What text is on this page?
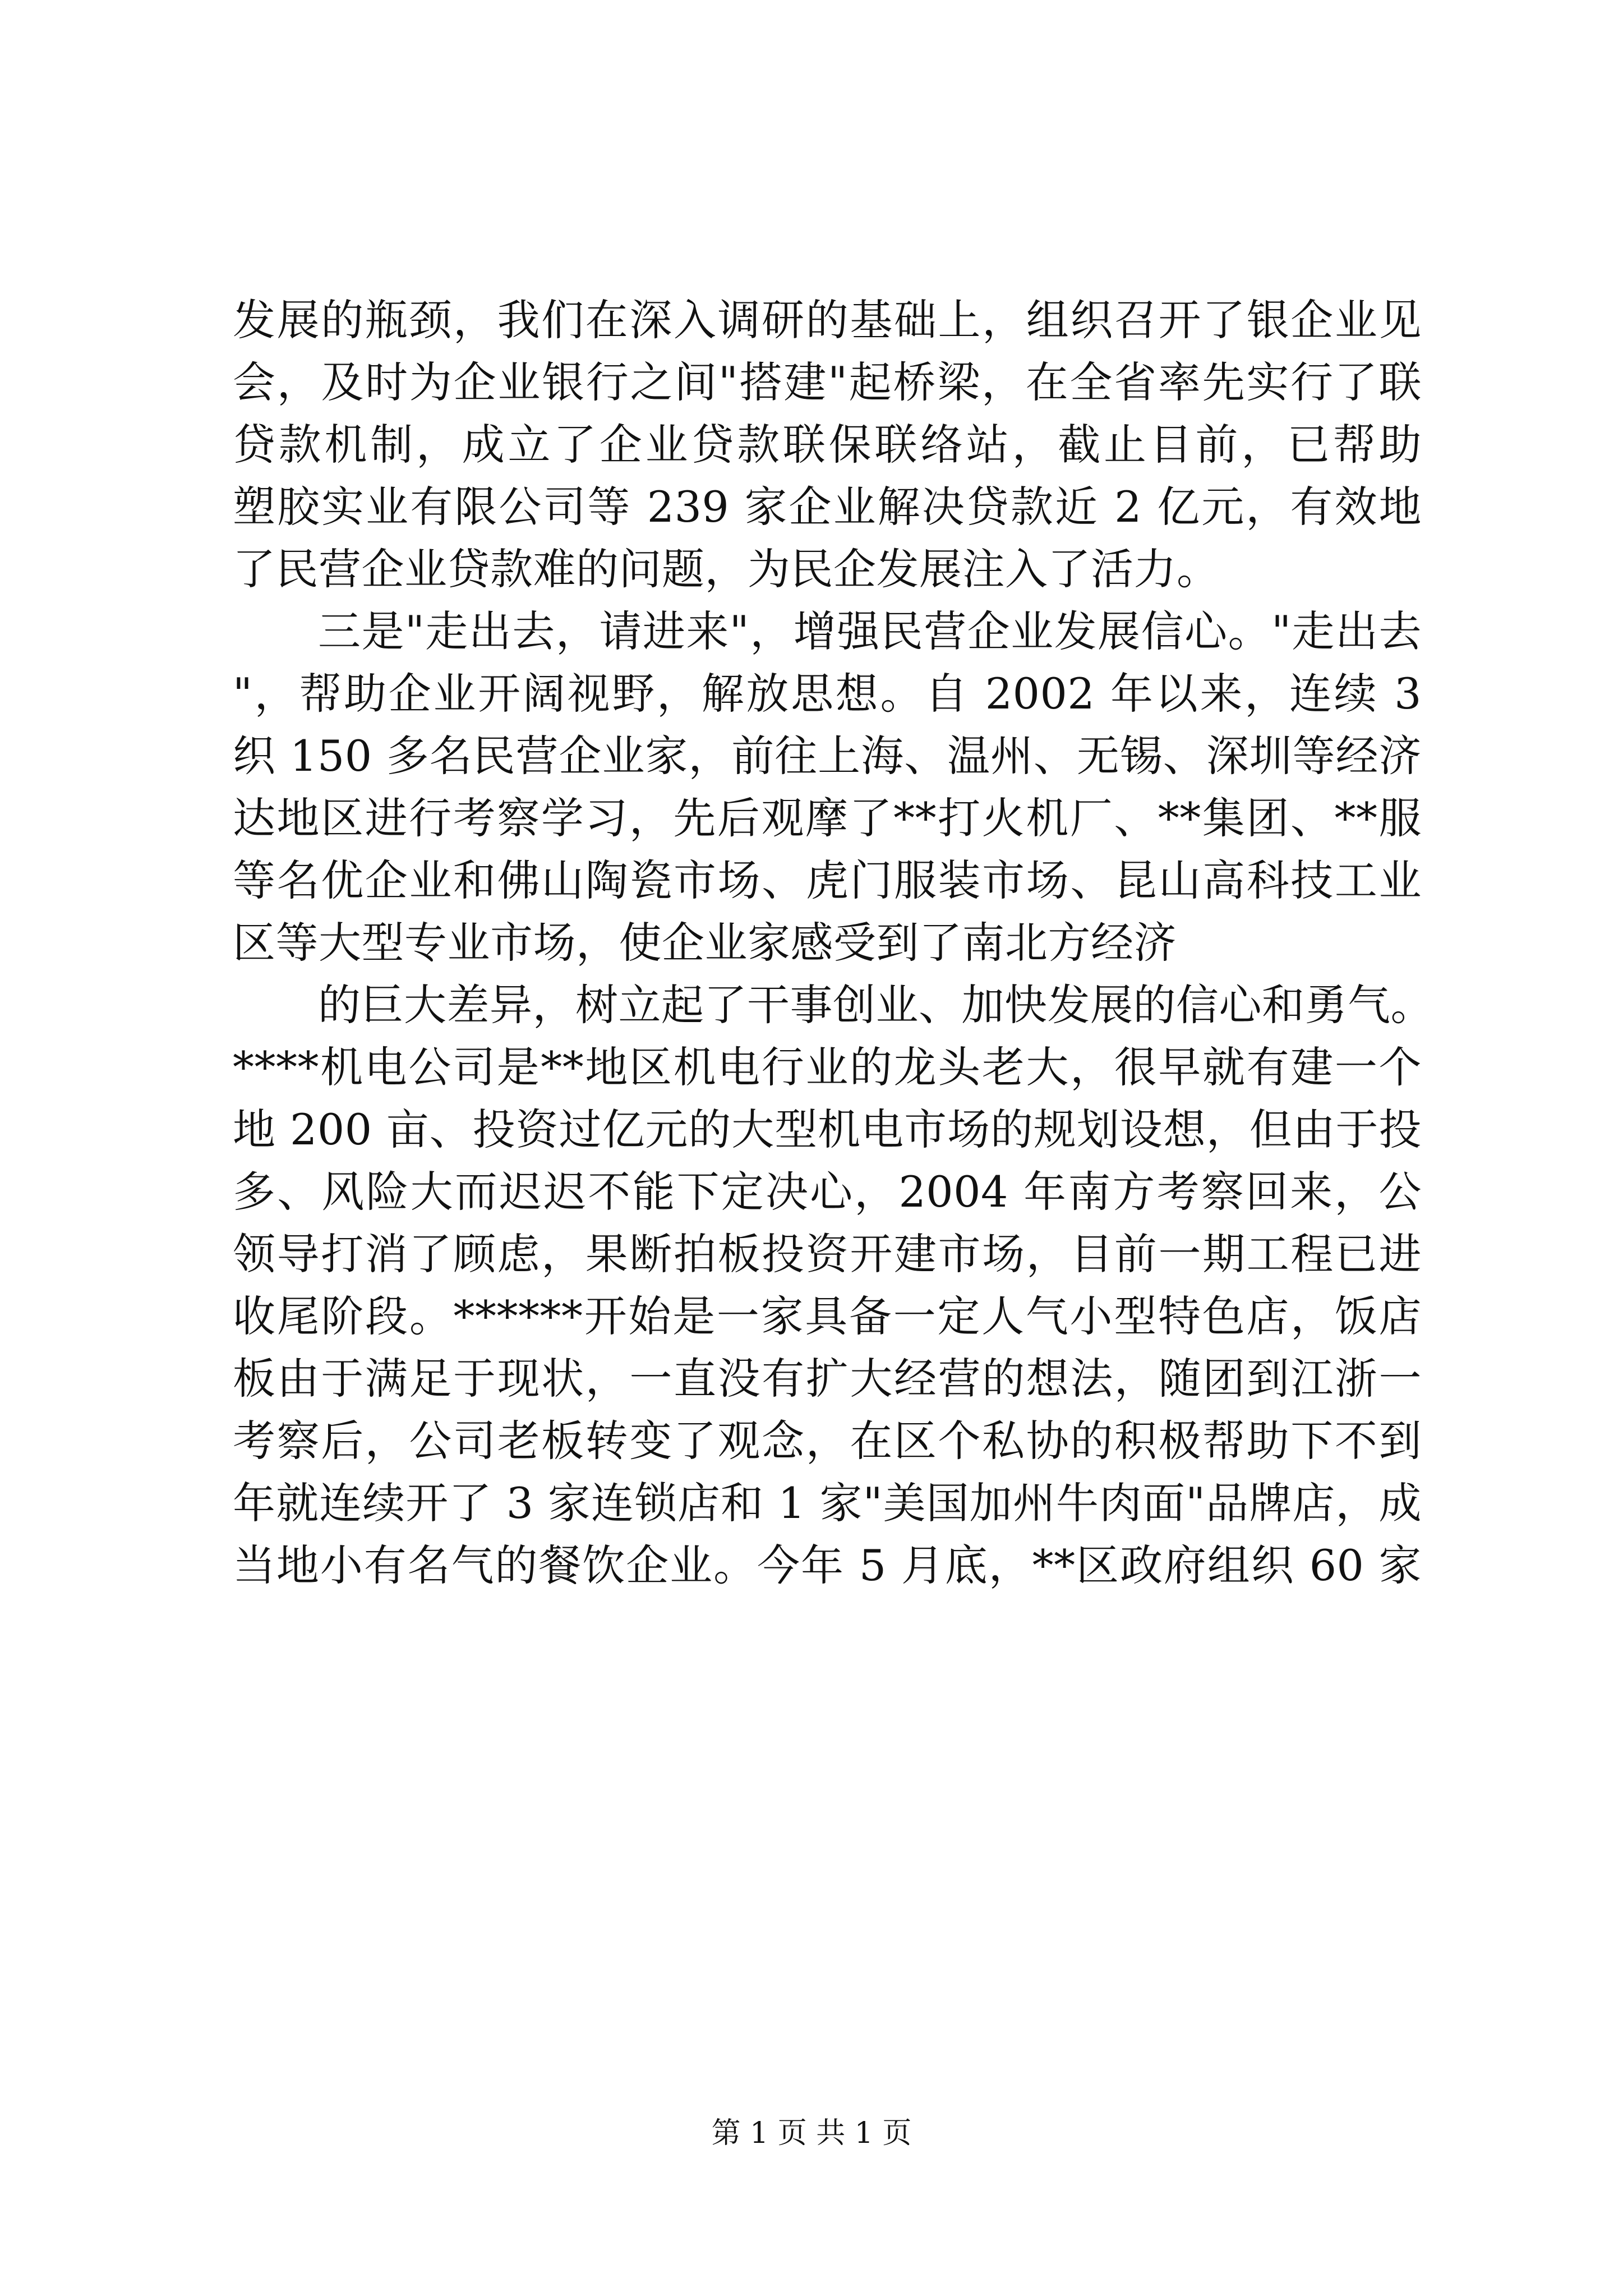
发展的瓶颈，我们在深入调研的基础上，组织召开了银企业见
会，及时为企业银行之间"搭建"起桥梁，在全省率先实行了联
贷款机制，成立了企业贷款联保联络站，截止目前，已帮助
塑胶实业有限公司等 239 家企业解决贷款近 2 亿元，有效地
了民营企业贷款难的问题，为民企发展注入了活力。
三是"走出去，请进来"，增强民营企业发展信心。"走出去
"，帮助企业开阔视野，解放思想。自 2002 年以来，连续 3
织 150 多名民营企业家，前往上海、温州、无锡、深圳等经济
达地区进行考察学习，先后观摩了**打火机厂、**集团、**服
等名优企业和佛山陶瓷市场、虎门服装市场、昆山高科技工业
区等大型专业市场，使企业家感受到了南北方经济
的巨大差异，树立起了干事创业、加快发展的信心和勇气。
****机电公司是**地区机电行业的龙头老大，很早就有建一个
地 200 亩、投资过亿元的大型机电市场的规划设想，但由于投
多、风险大而迟迟不能下定决心，2004 年南方考察回来，公
领导打消了顾虑，果断拍板投资开建市场，目前一期工程已进
收尾阶段。******开始是一家具备一定人气小型特色店，饭店
板由于满足于现状，一直没有扩大经营的想法，随团到江浙一
考察后，公司老板转变了观念，在区个私协的积极帮助下不到
年就连续开了 3 家连锁店和 1 家"美国加州牛肉面"品牌店，成
当地小有名气的餐饮企业。今年 5 月底，**区政府组织 60 家
第 1 页 共 1 页
